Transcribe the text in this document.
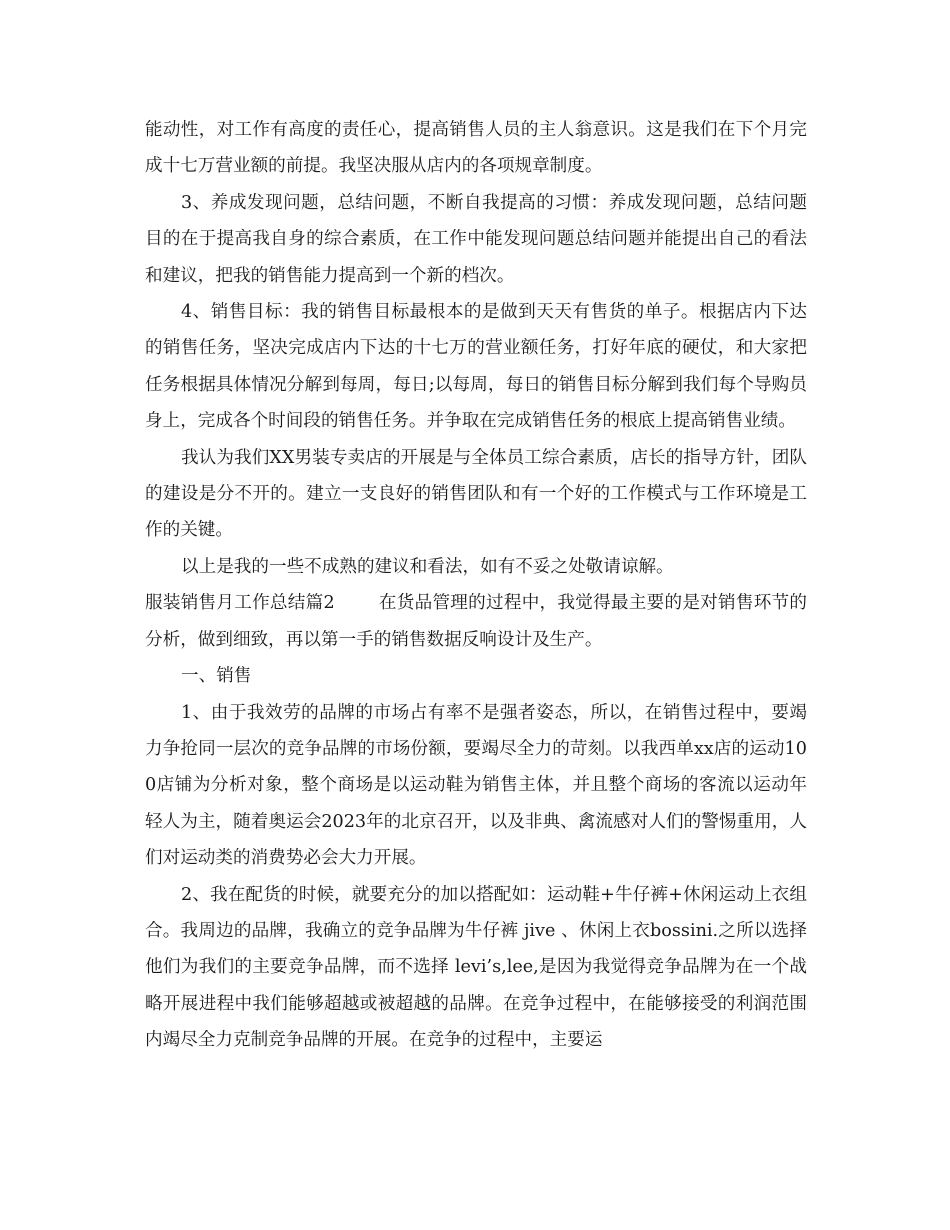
能动性，对工作有高度的责任心，提高销售人员的主人翁意识。这是我们在下个月完成十七万营业额的前提。我坚决服从店内的各项规章制度。

3、养成发现问题，总结问题，不断自我提高的习惯：养成发现问题，总结问题目的在于提高我自身的综合素质，在工作中能发现问题总结问题并能提出自己的看法和建议，把我的销售能力提高到一个新的档次。

4、销售目标：我的销售目标最根本的是做到天天有售货的单子。根据店内下达的销售任务，坚决完成店内下达的十七万的营业额任务，打好年底的硬仗，和大家把任务根据具体情况分解到每周，每日;以每周，每日的销售目标分解到我们每个导购员身上，完成各个时间段的销售任务。并争取在完成销售任务的根底上提高销售业绩。

我认为我们XX男装专卖店的开展是与全体员工综合素质，店长的指导方针，团队的建设是分不开的。建立一支良好的销售团队和有一个好的工作模式与工作环境是工作的关键。

以上是我的一些不成熟的建议和看法，如有不妥之处敬请谅解。

服装销售月工作总结篇2	在货品管理的过程中，我觉得最主要的是对销售环节的分析，做到细致，再以第一手的销售数据反响设计及生产。

一、销售

1、由于我效劳的品牌的市场占有率不是强者姿态，所以，在销售过程中，要竭力争抢同一层次的竞争品牌的市场份额，要竭尽全力的苛刻。以我西单xx店的运动100店铺为分析对象，整个商场是以运动鞋为销售主体，并且整个商场的客流以运动年轻人为主，随着奥运会2023年的北京召开，以及非典、禽流感对人们的警惕重用，人们对运动类的消费势必会大力开展。

2、我在配货的时候，就要充分的加以搭配如：运动鞋+牛仔裤+休闲运动上衣组合。我周边的品牌，我确立的竞争品牌为牛仔裤 jive 、休闲上衣bossini.之所以选择他们为我们的主要竞争品牌，而不选择 levi’s,lee,是因为我觉得竞争品牌为在一个战略开展进程中我们能够超越或被超越的品牌。在竞争过程中，在能够接受的利润范围内竭尽全力克制竞争品牌的开展。在竞争的过程中，主要运
